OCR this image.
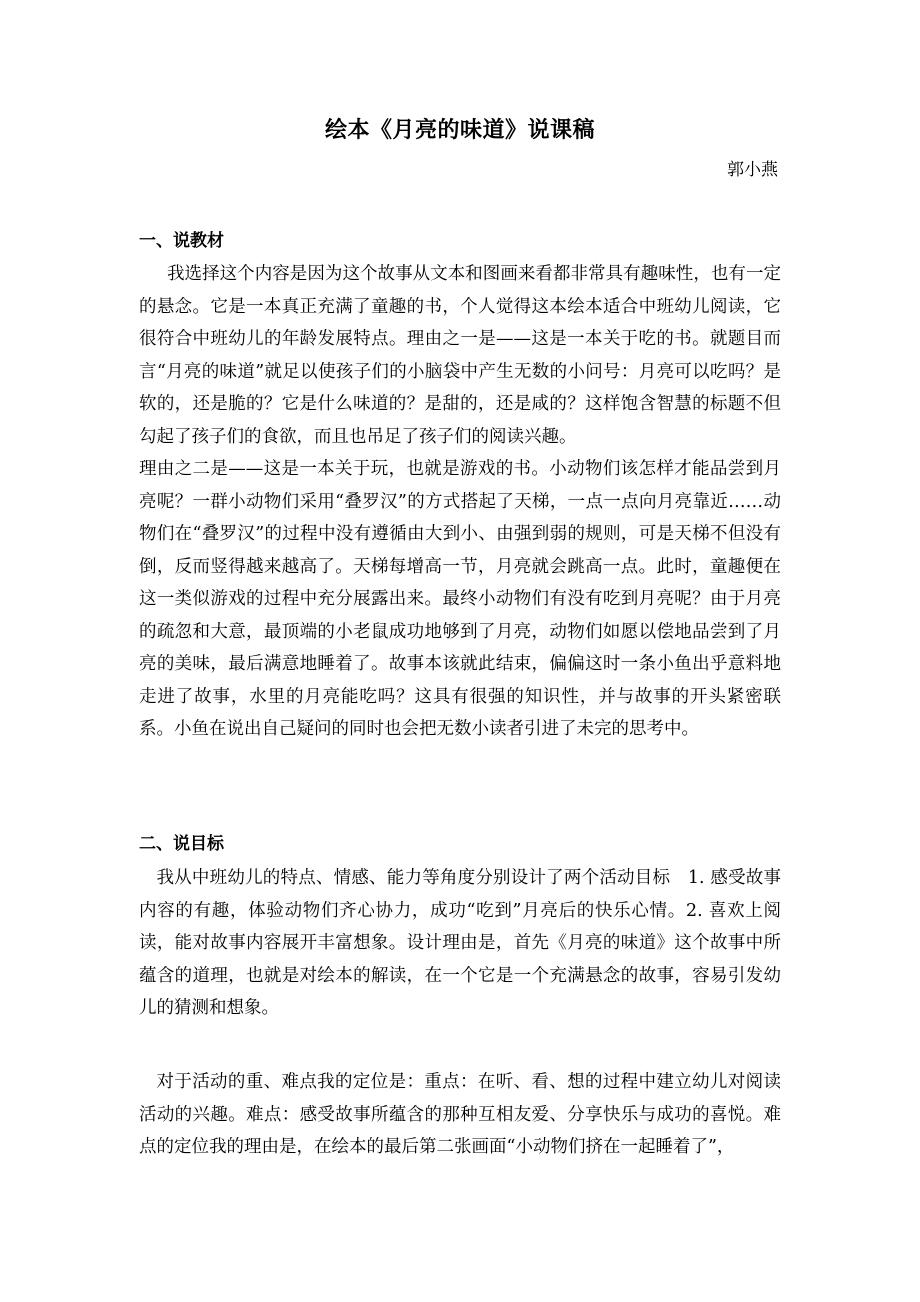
绘本《月亮的味道》说课稿
郭小燕

一、说教材

我选择这个内容是因为这个故事从文本和图画来看都非常具有趣味性，也有一定的悬念。它是一本真正充满了童趣的书，个人觉得这本绘本适合中班幼儿阅读，它很符合中班幼儿的年龄发展特点。理由之一是——这是一本关于吃的书。就题目而言“月亮的味道”就足以使孩子们的小脑袋中产生无数的小问号：月亮可以吃吗？是软的，还是脆的？它是什么味道的？是甜的，还是咸的？这样饱含智慧的标题不但勾起了孩子们的食欲，而且也吊足了孩子们的阅读兴趣。

理由之二是——这是一本关于玩，也就是游戏的书。小动物们该怎样才能品尝到月亮呢？一群小动物们采用“叠罗汉”的方式搭起了天梯，一点一点向月亮靠近……动物们在“叠罗汉”的过程中没有遵循由大到小、由强到弱的规则，可是天梯不但没有倒，反而竖得越来越高了。天梯每增高一节，月亮就会跳高一点。此时，童趣便在这一类似游戏的过程中充分展露出来。最终小动物们有没有吃到月亮呢？由于月亮的疏忽和大意，最顶端的小老鼠成功地够到了月亮，动物们如愿以偿地品尝到了月亮的美味，最后满意地睡着了。故事本该就此结束，偏偏这时一条小鱼出乎意料地走进了故事，水里的月亮能吃吗？这具有很强的知识性，并与故事的开头紧密联系。小鱼在说出自己疑问的同时也会把无数小读者引进了未完的思考中。

二、说目标

我从中班幼儿的特点、情感、能力等角度分别设计了两个活动目标　1. 感受故事内容的有趣，体验动物们齐心协力，成功“吃到”月亮后的快乐心情。2. 喜欢上阅读，能对故事内容展开丰富想象。设计理由是，首先《月亮的味道》这个故事中所蕴含的道理，也就是对绘本的解读，在一个它是一个充满悬念的故事，容易引发幼儿的猜测和想象。

对于活动的重、难点我的定位是：重点：在听、看、想的过程中建立幼儿对阅读活动的兴趣。难点：感受故事所蕴含的那种互相友爱、分享快乐与成功的喜悦。难点的定位我的理由是，在绘本的最后第二张画面“小动物们挤在一起睡着了”，
